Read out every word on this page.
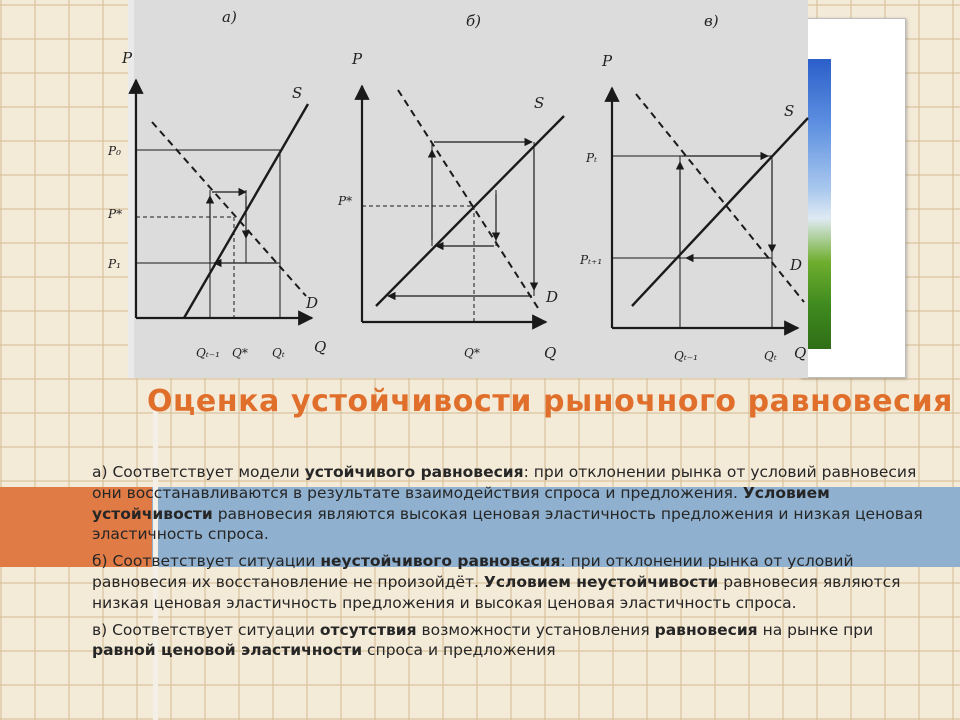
а)
P
Q
S
D
P₀
P*
P₁
Qₜ₋₁ Q* Qₜ
б)
P
Q
S
D
P*
Q*
в)
P
Q
S
D
Pₜ
Pₜ₊₁
Qₜ₋₁	Qₜ
Оценка устойчивости рыночного равновесия

а) Соответствует модели устойчивого равновесия: при отклонении рынка от условий равновесия они восстанавливаются в результате взаимодействия спроса и предложения. Условием устойчивости равновесия являются высокая ценовая эластичность предложения и низкая ценовая эластичность спроса.

б) Соответствует ситуации неустойчивого равновесия: при отклонении рынка от условий равновесия их восстановление не произойдёт. Условием неустойчивости равновесия являются низкая ценовая эластичность предложения и высокая ценовая эластичность спроса.

в) Соответствует ситуации отсутствия возможности установления равновесия на рынке при равной ценовой эластичности спроса и предложения
